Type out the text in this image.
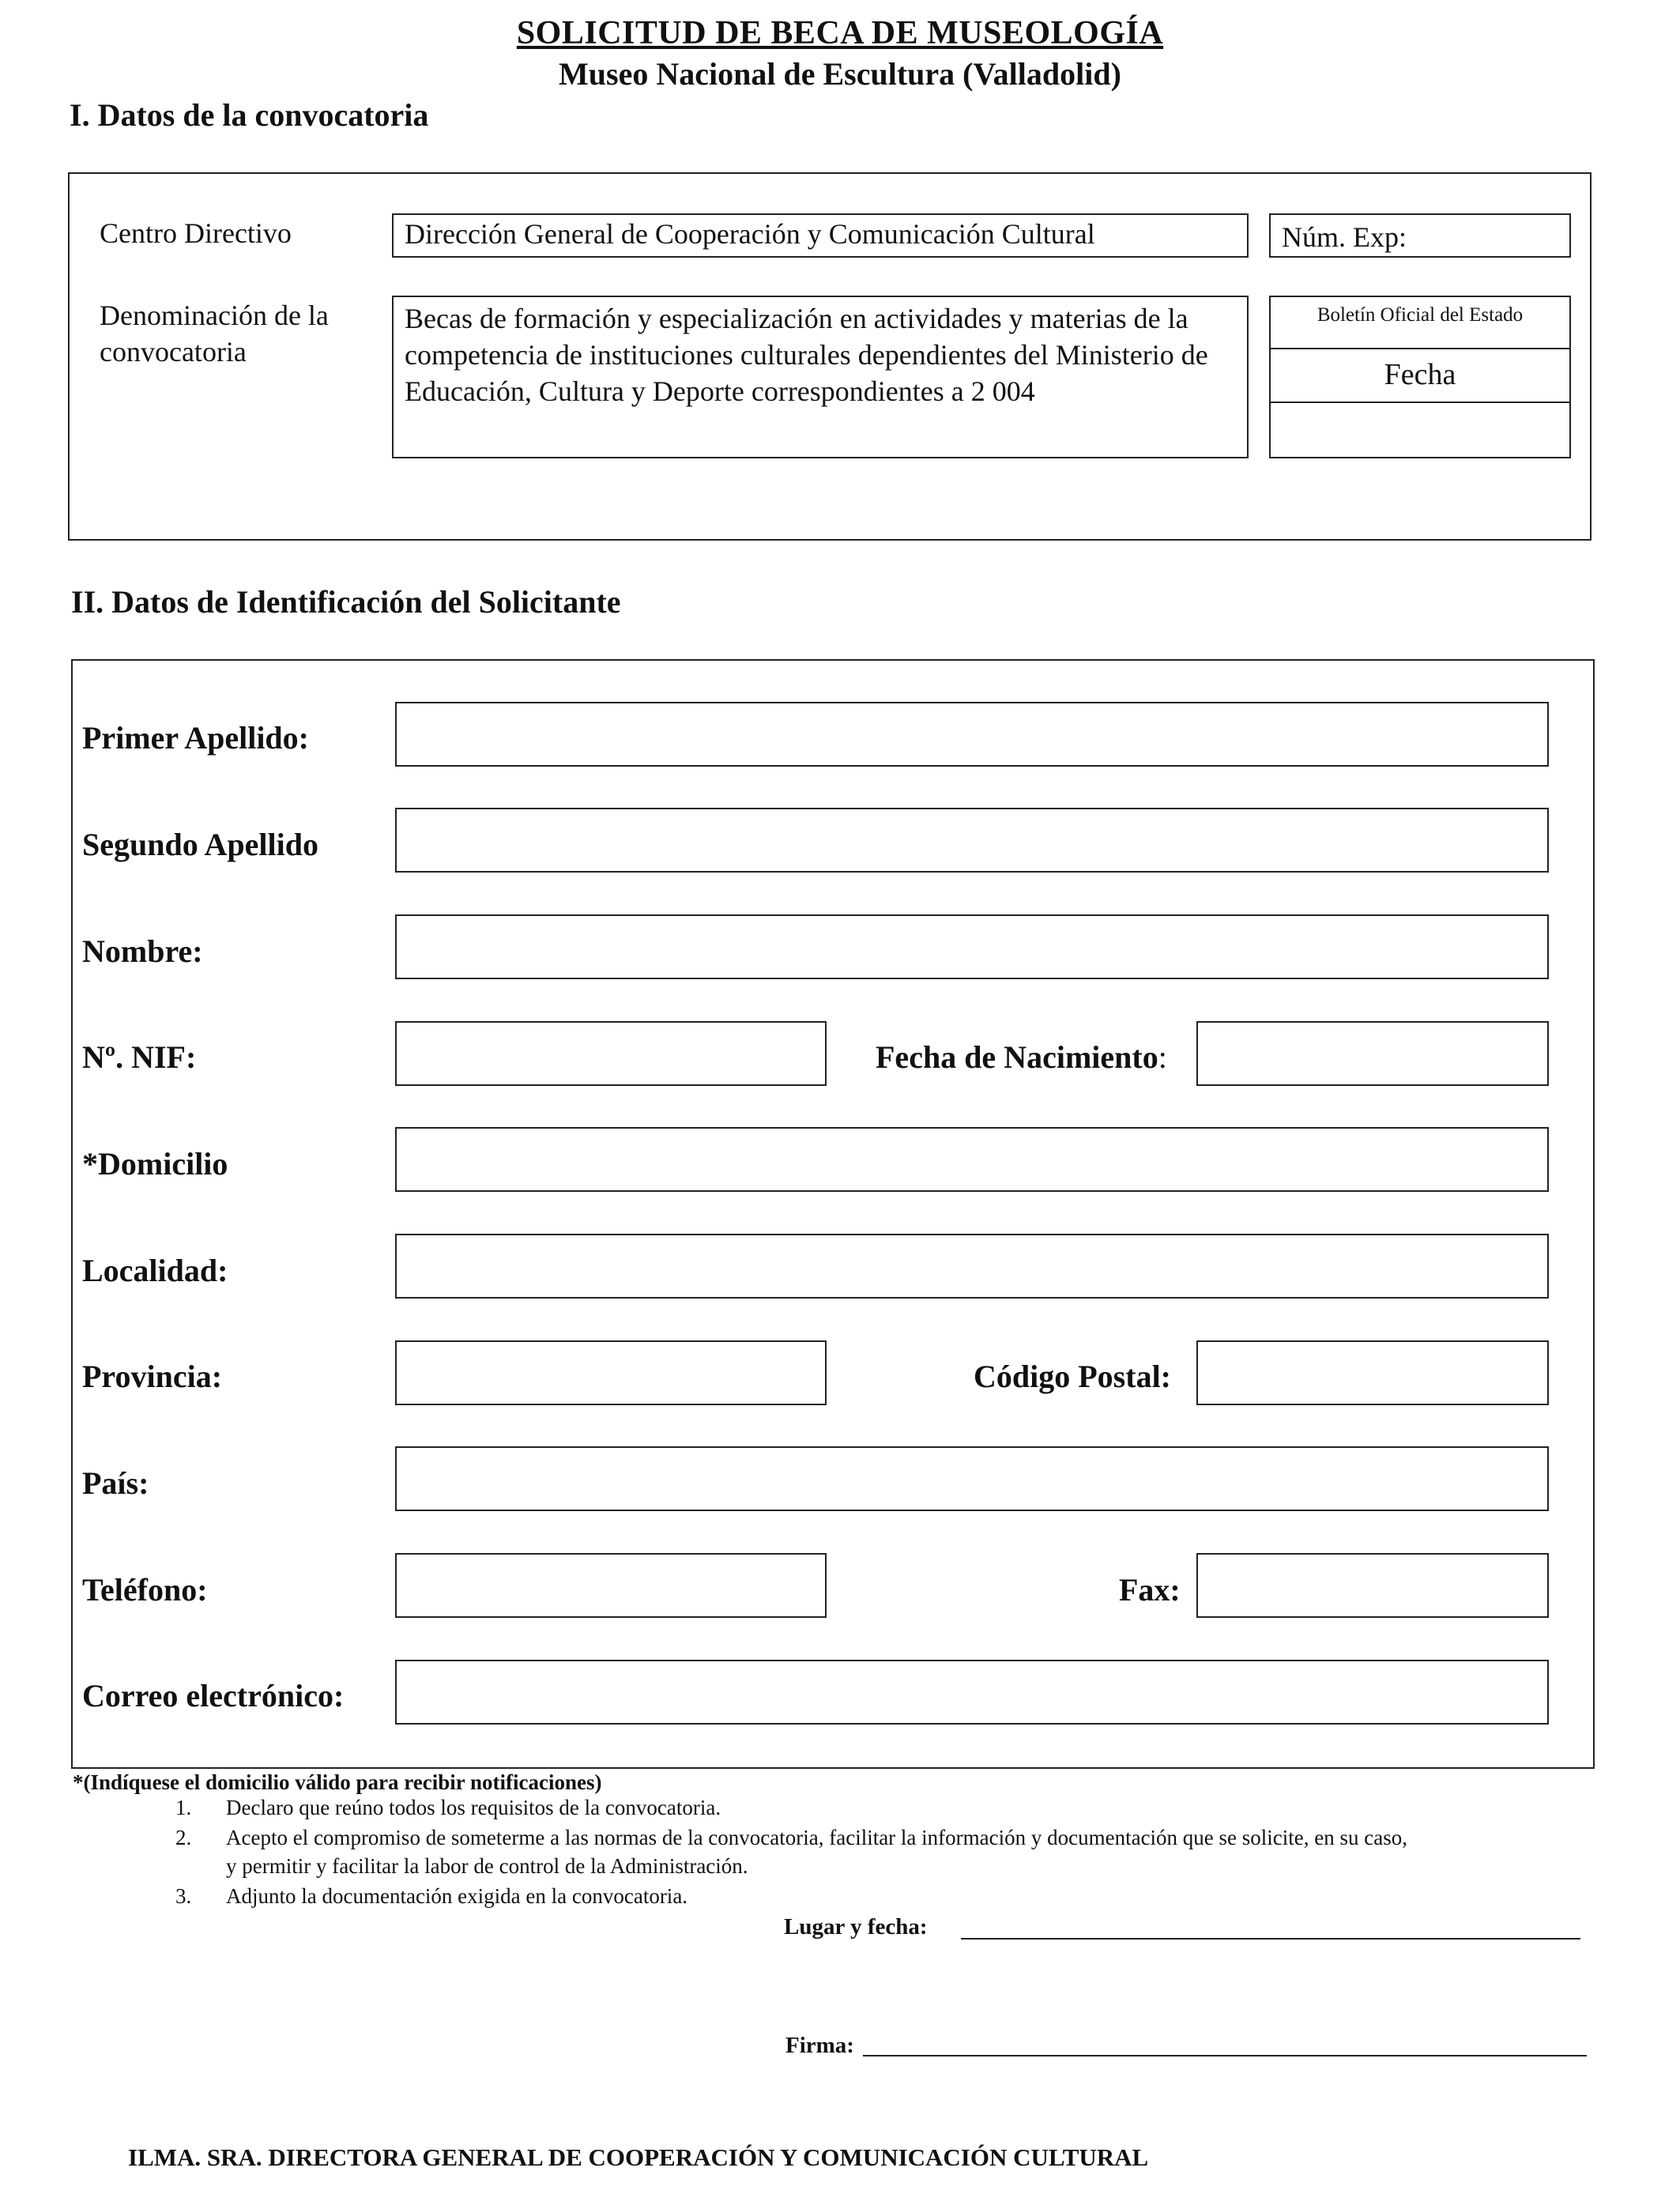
SOLICITUD DE BECA DE MUSEOLOGÍA
Museo Nacional de Escultura (Valladolid)
I. Datos de la convocatoria
Centro Directivo	Dirección General de Cooperación y Comunicación Cultural	Núm. Exp:
Denominación de la
convocatoria
Becas de formación y especialización en actividades y materias de la competencia de instituciones culturales dependientes del Ministerio de Educación, Cultura y Deporte correspondientes a 2 004
Boletín Oficial del Estado
Fecha
II. Datos de Identificación del Solicitante
Primer Apellido:
Segundo Apellido
Nombre:
Nº. NIF:	Fecha de Nacimiento:
*Domicilio
Localidad:
Provincia:	Código Postal:
País:
Teléfono:	Fax:
Correo electrónico:
*(Indíquese el domicilio válido para recibir notificaciones)
1. Declaro que reúno todos los requisitos de la convocatoria.
2. Acepto el compromiso de someterme a las normas de la convocatoria, facilitar la información y documentación que se solicite, en su caso,
y permitir y facilitar la labor de control de la Administración.
3. Adjunto la documentación exigida en la convocatoria.
Lugar y fecha:
Firma:
ILMA. SRA. DIRECTORA GENERAL DE COOPERACIÓN Y COMUNICACIÓN CULTURAL
